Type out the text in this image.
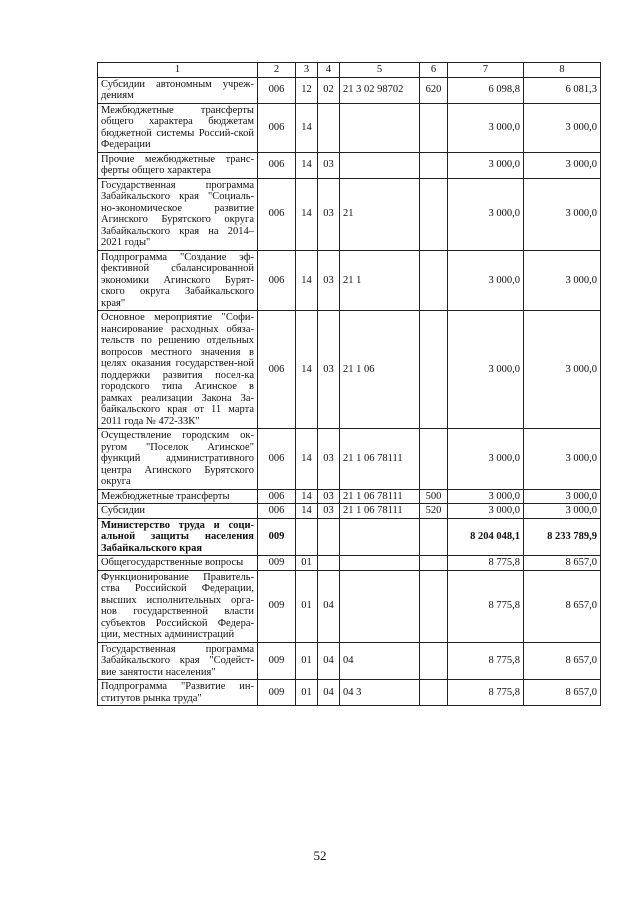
1	2	3	4	5	6	7	8
Субсидии автономным учреж-дениям	006	12	02	21 3 02 98702	620	6 098,8	6 081,3
Межбюджетные трансферты общего характера бюджетам бюджетной системы Россий-ской Федерации	006	14				3 000,0	3 000,0
Прочие межбюджетные транс-ферты общего характера	006	14	03			3 000,0	3 000,0
Государственная программа Забайкальского края "Социаль-но-экономическое развитие Агинского Бурятского округа Забайкальского края на 2014–2021 годы"	006	14	03	21		3 000,0	3 000,0
Подпрограмма "Создание эф-фективной сбалансированной экономики Агинского Бурят-ского округа Забайкальского края"	006	14	03	21 1		3 000,0	3 000,0
Основное мероприятие "Софи-нансирование расходных обяза-тельств по решению отдельных вопросов местного значения в целях оказания государствен-ной поддержки развития посел-ка городского типа Агинское в рамках реализации Закона За-байкальского края от 11 марта 2011 года № 472-ЗЗК"	006	14	03	21 1 06		3 000,0	3 000,0
Осуществление городским ок-ругом "Поселок Агинское" функций административного центра Агинского Бурятского округа	006	14	03	21 1 06 78111		3 000,0	3 000,0
Межбюджетные трансферты	006	14	03	21 1 06 78111	500	3 000,0	3 000,0
Субсидии	006	14	03	21 1 06 78111	520	3 000,0	3 000,0
Министерство труда и соци-альной защиты населения Забайкальского края	009					8 204 048,1	8 233 789,9
Общегосударственные вопросы	009	01				8 775,8	8 657,0
Функционирование Правитель-ства Российской Федерации, высших исполнительных орга-нов государственной власти субъектов Российской Федера-ции, местных администраций	009	01	04			8 775,8	8 657,0
Государственная программа Забайкальского края "Содейст-вие занятости населения"	009	01	04	04		8 775,8	8 657,0
Подпрограмма "Развитие ин-ститутов рынка труда"	009	01	04	04 3		8 775,8	8 657,0
52
